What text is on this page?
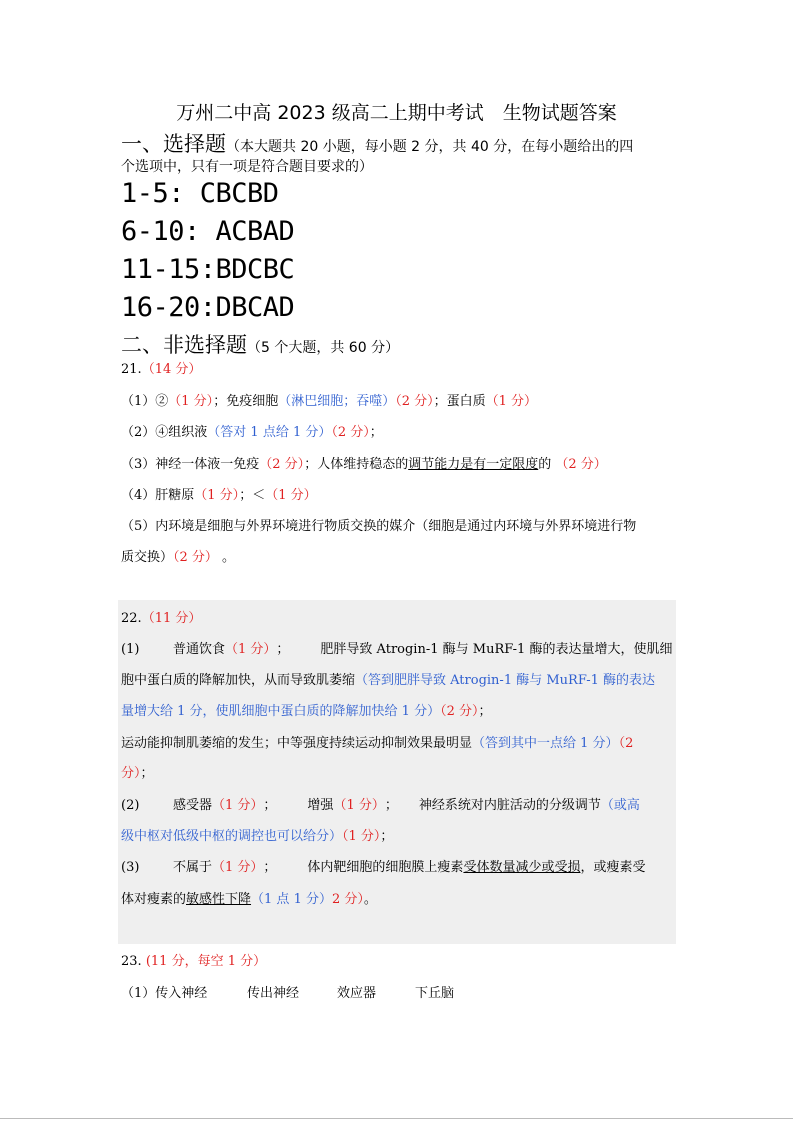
万州二中高 2023 级高二上期中考试　生物试题答案
一、选择题（本大题共 20 小题，每小题 2 分，共 40 分，在每小题给出的四
个选项中，只有一项是符合题目要求的）
1-5: CBCBD
6-10: ACBAD
11-15:BDCBC
16-20:DBCAD
二、非选择题（5 个大题，共 60 分）
21.（14 分）
（1）②（1 分）；免疫细胞（淋巴细胞；吞噬）（2 分）；蛋白质（1 分）
（2）④组织液（答对 1 点给 1 分）（2 分）；
（3）神经一体液一免疫（2 分）；人体维持稳态的调节能力是有一定限度的 （2 分）
（4）肝糖原（1 分）；＜（1 分）
（5）内环境是细胞与外界环境进行物质交换的媒介（细胞是通过内环境与外界环境进行物
质交换）（2 分） 。
22.（11 分）
(1)	普通饮食（1 分）； 肥胖导致 Atrogin-1 酶与 MuRF-1 酶的表达量增大，使肌细
胞中蛋白质的降解加快，从而导致肌萎缩（答到肥胖导致 Atrogin-1 酶与 MuRF-1 酶的表达
量增大给 1 分，使肌细胞中蛋白质的降解加快给 1 分）（2 分）；
运动能抑制肌萎缩的发生；中等强度持续运动抑制效果最明显（答到其中一点给 1 分）（2
分）；
(2)	感受器（1 分）； 增强（1 分）； 神经系统对内脏活动的分级调节（或高
级中枢对低级中枢的调控也可以给分）（1 分）；
(3)	不属于（1 分）； 体内靶细胞的细胞膜上瘦素受体数量减少或受损，或瘦素受
体对瘦素的敏感性下降（1 点 1 分）2 分）。
23. (11 分，每空 1 分）
（1）传入神经	传出神经	效应器	下丘脑
